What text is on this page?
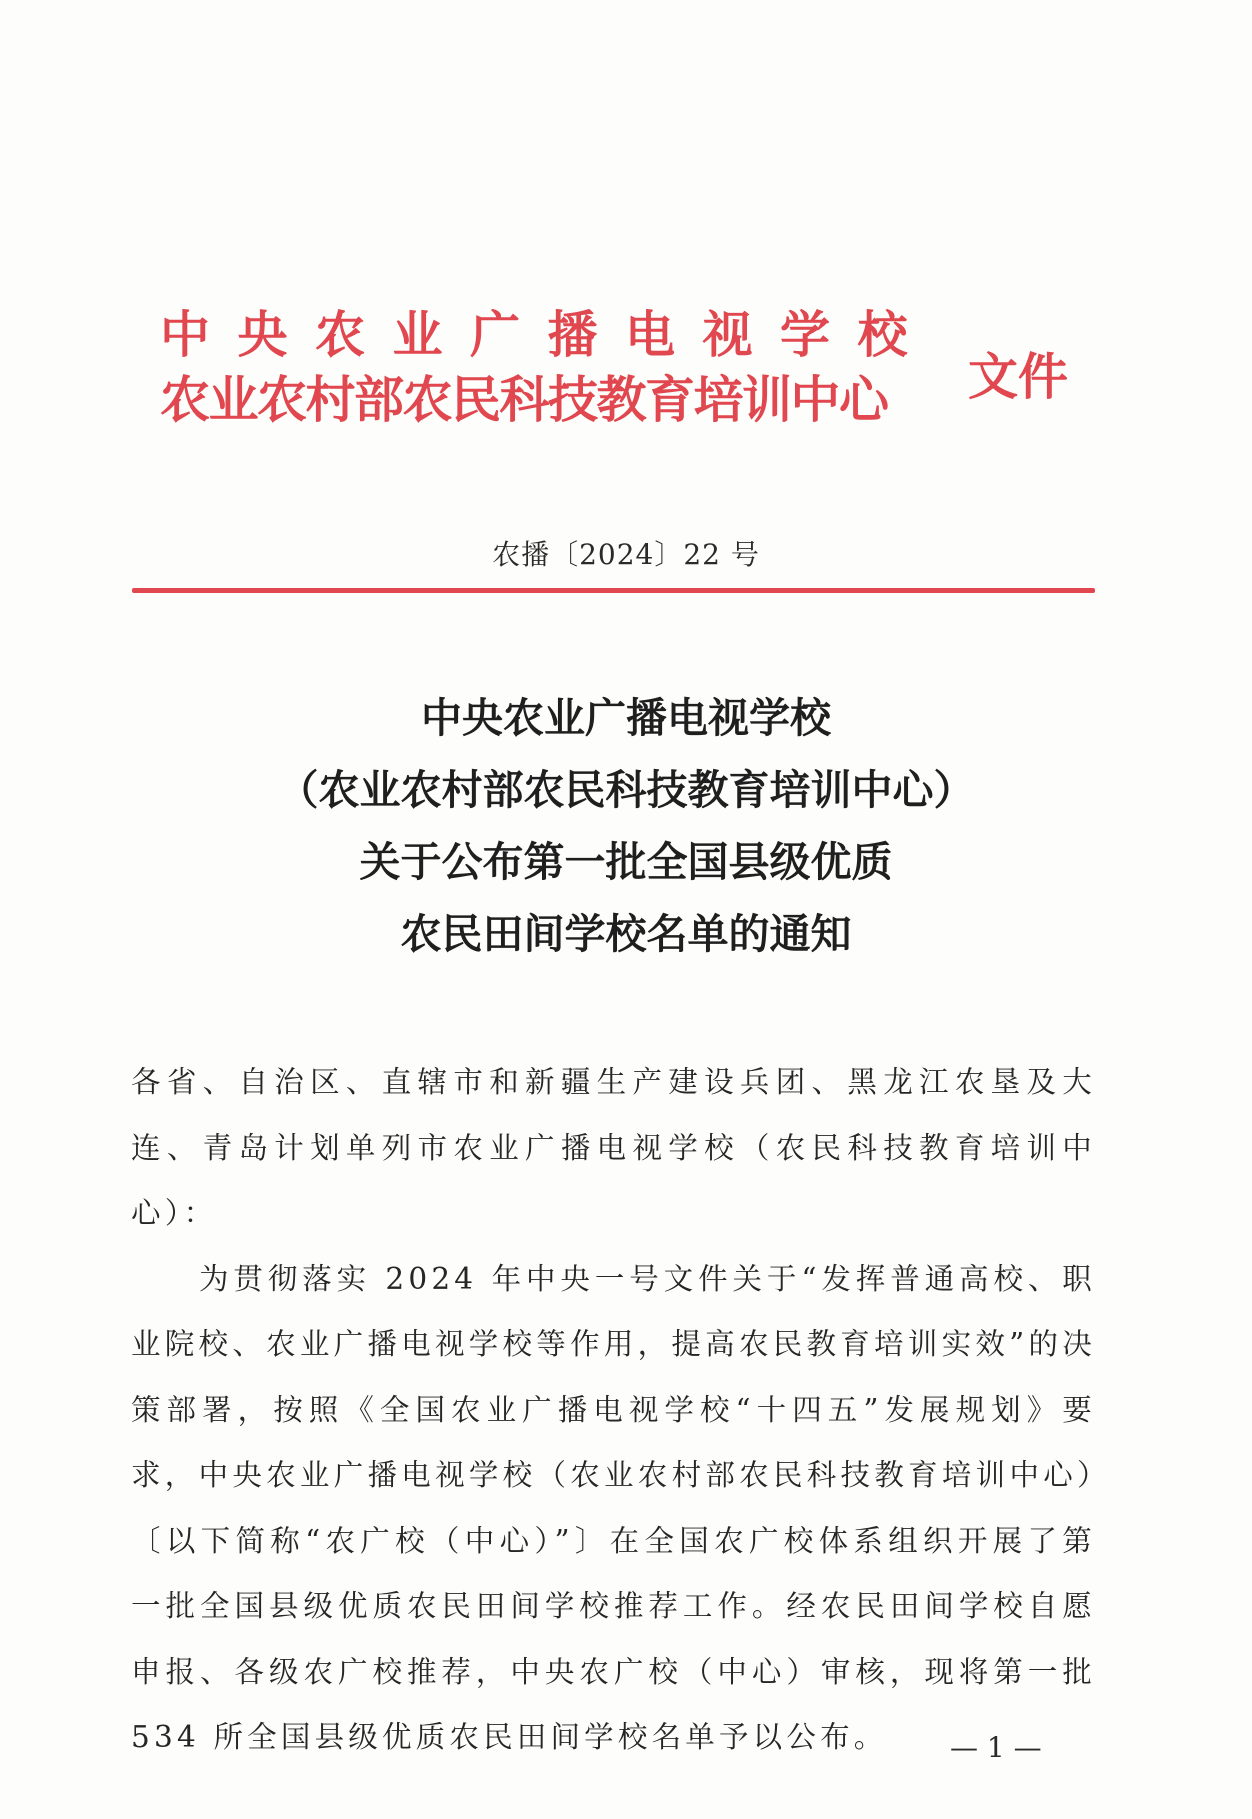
中央农业广播电视学校
农业农村部农民科技教育培训中心 文件
农播〔2024〕22 号
中央农业广播电视学校
（农业农村部农民科技教育培训中心）
关于公布第一批全国县级优质
农民田间学校名单的通知

各省、自治区、直辖市和新疆生产建设兵团、黑龙江农垦及大连、青岛计划单列市农业广播电视学校（农民科技教育培训中心）：

为贯彻落实 2024 年中央一号文件关于“发挥普通高校、职业院校、农业广播电视学校等作用，提高农民教育培训实效”的决策部署，按照《全国农业广播电视学校“十四五”发展规划》要求，中央农业广播电视学校（农业农村部农民科技教育培训中心）〔以下简称“农广校（中心）”〕在全国农广校体系组织开展了第一批全国县级优质农民田间学校推荐工作。经农民田间学校自愿申报、各级农广校推荐，中央农广校（中心）审核，现将第一批 534 所全国县级优质农民田间学校名单予以公布。	— 1 —
